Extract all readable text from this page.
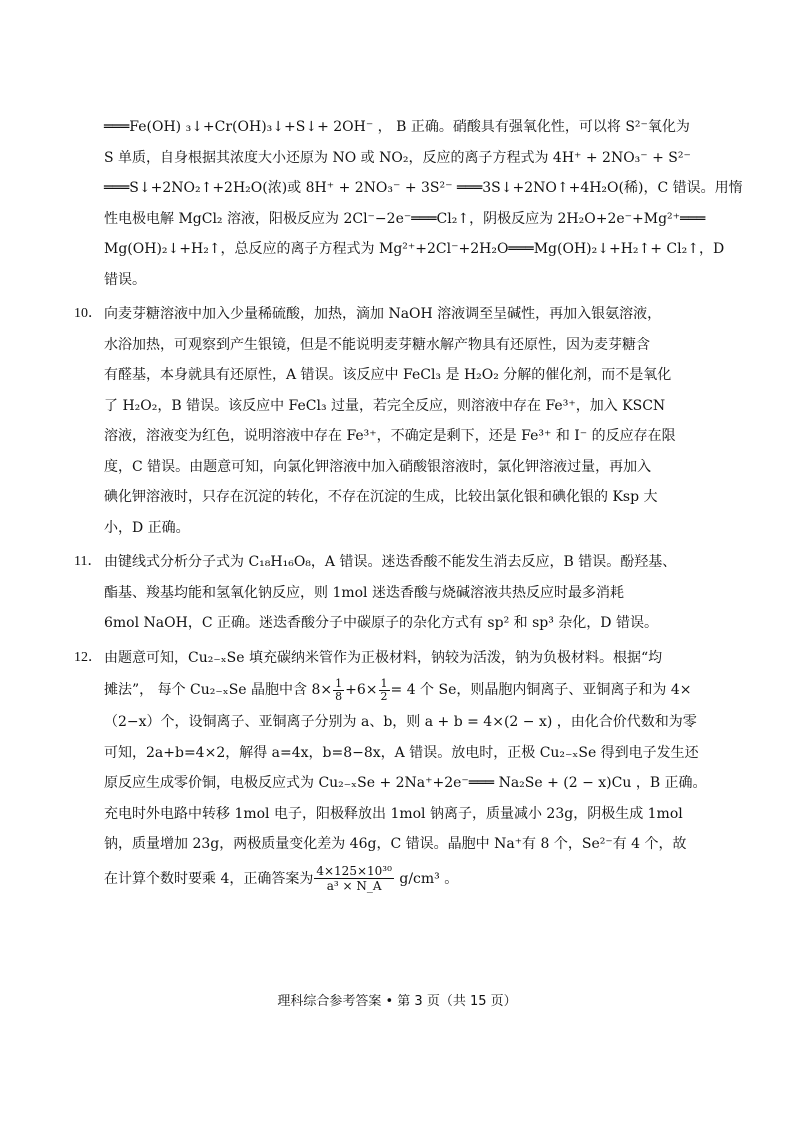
═══Fe(OH) ₃↓+Cr(OH)₃↓+S↓+ 2OH⁻ ， B 正确。硝酸具有强氧化性，可以将 S²⁻氧化为
S 单质，自身根据其浓度大小还原为 NO 或 NO₂，反应的离子方程式为 4H⁺ + 2NO₃⁻ + S²⁻
═══S↓+2NO₂↑+2H₂O(浓)或 8H⁺ + 2NO₃⁻ + 3S²⁻ ═══3S↓+2NO↑+4H₂O(稀)，C 错误。用惰
性电极电解 MgCl₂ 溶液，阳极反应为 2Cl⁻−2e⁻═══Cl₂↑，阴极反应为 2H₂O+2e⁻+Mg²⁺═══
Mg(OH)₂↓+H₂↑，总反应的离子方程式为 Mg²⁺+2Cl⁻+2H₂O═══Mg(OH)₂↓+H₂↑+ Cl₂↑，D
错误。
10． 向麦芽糖溶液中加入少量稀硫酸，加热，滴加 NaOH 溶液调至呈碱性，再加入银氨溶液，
水浴加热，可观察到产生银镜，但是不能说明麦芽糖水解产物具有还原性，因为麦芽糖含
有醛基，本身就具有还原性，A 错误。该反应中 FeCl₃ 是 H₂O₂ 分解的催化剂，而不是氧化
了 H₂O₂，B 错误。该反应中 FeCl₃ 过量，若完全反应，则溶液中存在 Fe³⁺，加入 KSCN
溶液，溶液变为红色，说明溶液中存在 Fe³⁺，不确定是剩下，还是 Fe³⁺ 和 I⁻ 的反应存在限
度，C 错误。由题意可知，向氯化钾溶液中加入硝酸银溶液时，氯化钾溶液过量，再加入
碘化钾溶液时，只存在沉淀的转化，不存在沉淀的生成，比较出氯化银和碘化银的 Ksp 大
小，D 正确。
11． 由键线式分析分子式为 C₁₈H₁₆O₈，A 错误。迷迭香酸不能发生消去反应，B 错误。酚羟基、
酯基、羧基均能和氢氧化钠反应，则 1mol 迷迭香酸与烧碱溶液共热反应时最多消耗
6mol NaOH，C 正确。迷迭香酸分子中碳原子的杂化方式有 sp² 和 sp³ 杂化，D 错误。
12． 由题意可知，Cu₂₋ₓSe 填充碳纳米管作为正极材料，钠较为活泼，钠为负极材料。根据“均
摊法”， 每个 Cu₂₋ₓSe 晶胞中含 $8\times \frac{1}{8} +6\times \frac{1}{2} = 4$ 个 Se，则晶胞内铜离子、亚铜离子和为 4×
（2−x）个，设铜离子、亚铜离子分别为 a、b，则 a + b = 4×(2 − x) ，由化合价代数和为零
可知，2a+b=4×2，解得 a=4x，b=8−8x，A 错误。放电时，正极 Cu₂₋ₓSe 得到电子发生还
原反应生成零价铜，电极反应式为 Cu₂₋ₓSe + 2Na⁺+2e⁻═══ Na₂Se + (2 − x)Cu ，B 正确。
充电时外电路中转移 1mol 电子，阳极释放出 1mol 钠离子，质量减小 23g，阴极生成 1mol
钠，质量增加 23g，两极质量变化差为 46g，C 错误。晶胞中 Na⁺有 8 个，Se²⁻有 4 个，故
在计算个数时要乘 4，正确答案为 $\frac{\text{4×125×10³⁰}}{\text{a³ × N\_A}} g/cm^3$ 。
理科综合参考答案 • 第 3 页（共 15 页）
